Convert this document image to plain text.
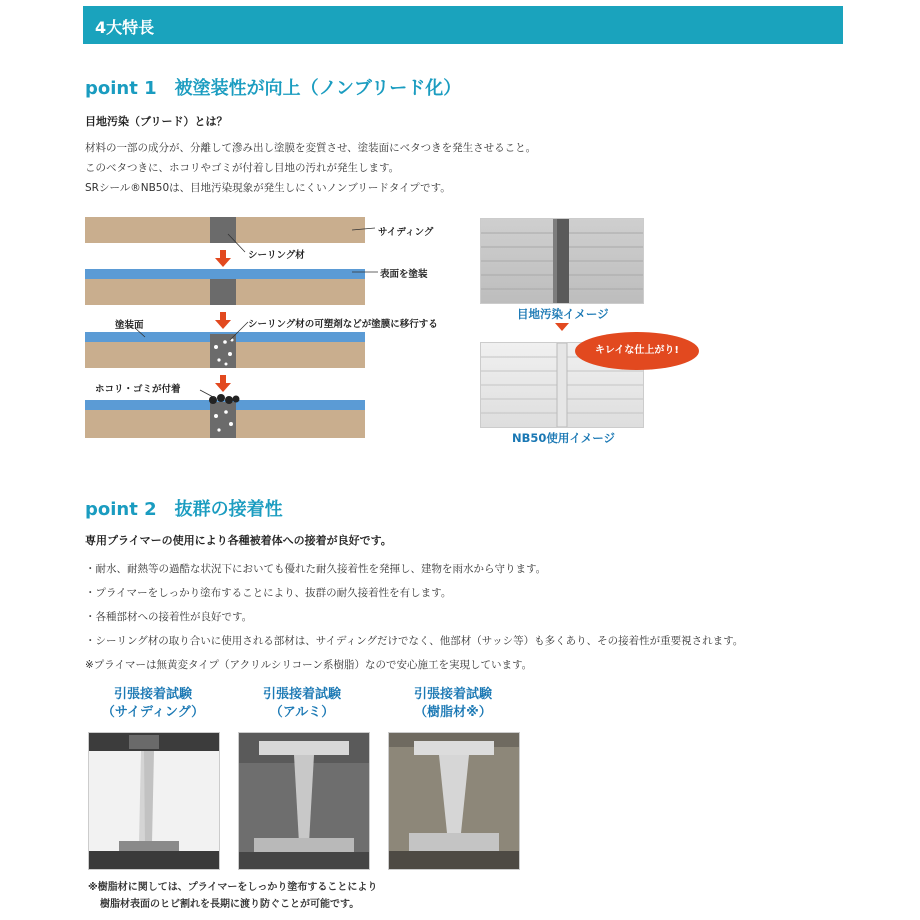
4大特長
point 1　被塗装性が向上（ノンブリード化）
目地汚染（ブリード）とは？
材料の一部の成分が、分離して滲み出し塗膜を変質させ、塗装面にベタつきを発生させること。
このベタつきに、ホコリやゴミが付着し目地の汚れが発生します。
SRシール®NB50は、目地汚染現象が発生しにくいノンブリードタイプです。
サイディング
シーリング材
表面を塗装
塗装面	シーリング材の可塑剤などが塗膜に移行する
ホコリ・ゴミが付着
目地汚染イメージ
キレイな仕上がり!
NB50使用イメージ
point 2　抜群の接着性
専用プライマーの使用により各種被着体への接着が良好です。
・耐水、耐熱等の過酷な状況下においても優れた耐久接着性を発揮し、建物を雨水から守ります。
・プライマーをしっかり塗布することにより、抜群の耐久接着性を有します。
・各種部材への接着性が良好です。
・シーリング材の取り合いに使用される部材は、サイディングだけでなく、他部材（サッシ等）も多くあり、その接着性が重要視されます。
※プライマーは無黄変タイプ（アクリルシリコーン系樹脂）なので安心施工を実現しています。
引張接着試験
（サイディング）
引張接着試験
（アルミ）
引張接着試験
（樹脂材※）
※樹脂材に関しては、プライマーをしっかり塗布することにより
樹脂材表面のヒビ割れを長期に渡り防ぐことが可能です。
